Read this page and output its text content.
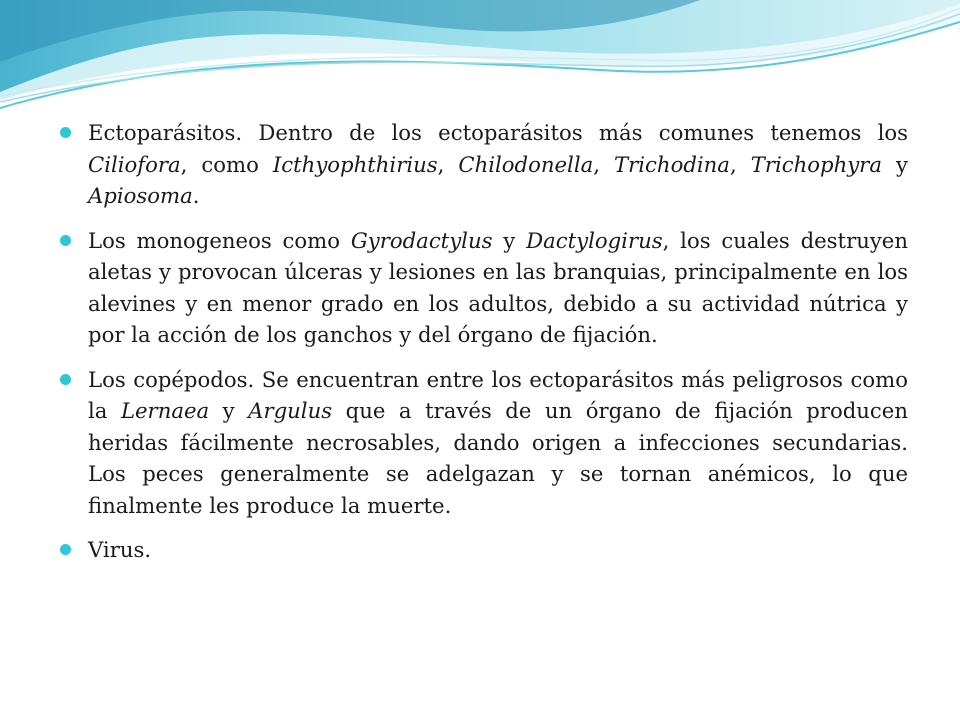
Ectoparásitos. Dentro de los ectoparásitos más comunes tenemos los Ciliofora, como Icthyophthirius, Chilodonella, Trichodina, Trichophyra y Apiosoma.
Los monogeneos como Gyrodactylus y Dactylogirus, los cuales destruyen aletas y provocan úlceras y lesiones en las branquias, principalmente en los alevines y en menor grado en los adultos, debido a su actividad nútrica y por la acción de los ganchos y del órgano de fijación.
Los copépodos. Se encuentran entre los ectoparásitos más peligrosos como la Lernaea y Argulus que a través de un órgano de fijación producen heridas fácilmente necrosables, dando origen a infecciones secundarias. Los peces generalmente se adelgazan y se tornan anémicos, lo que finalmente les produce la muerte.
Virus.
